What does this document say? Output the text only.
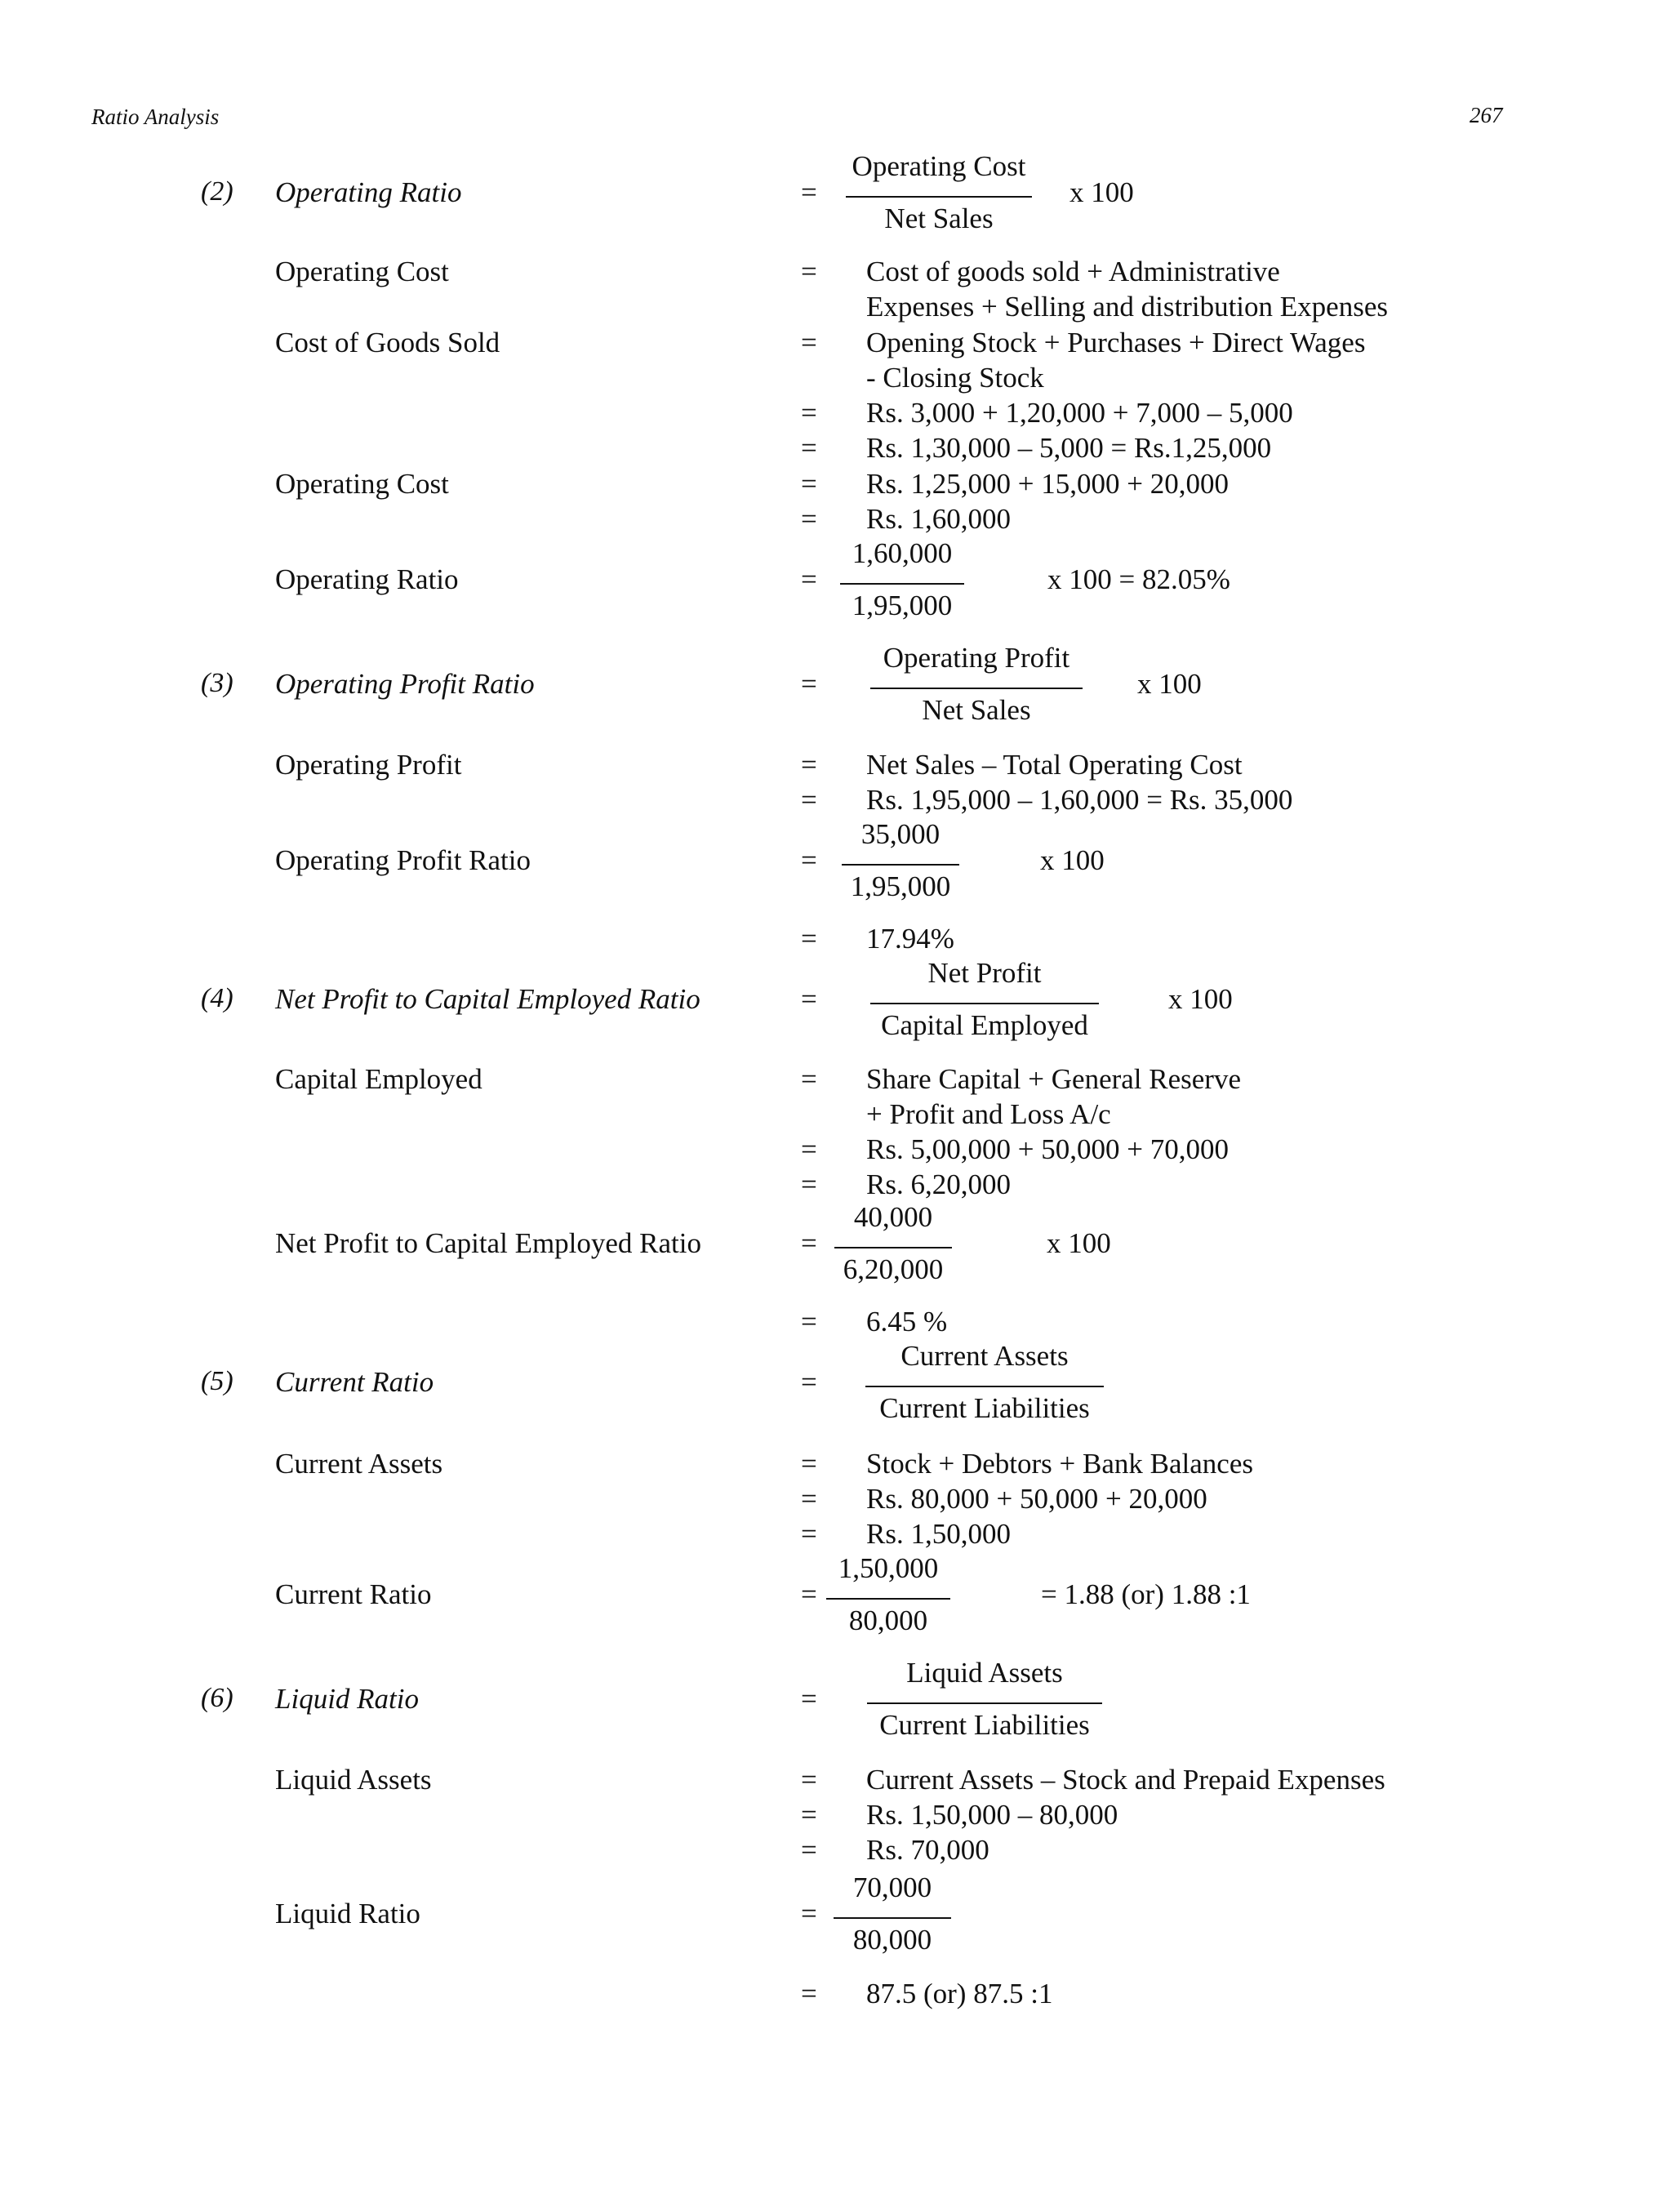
Ratio Analysis	267
(2) Operating Ratio	=
Operating Cost
Net Sales
x 100
Operating Cost	= Cost of goods sold + Administrative
Expenses + Selling and distribution Expenses
Cost of Goods Sold	= Opening Stock + Purchases + Direct Wages
- Closing Stock
= Rs. 3,000 + 1,20,000 + 7,000 – 5,000
= Rs. 1,30,000 – 5,000 = Rs.1,25,000
Operating Cost	= Rs. 1,25,000 + 15,000 + 20,000
= Rs. 1,60,000
Operating Ratio	=
1,60,000
1,95,000
x 100 = 82.05%
(3) Operating Profit Ratio	=
Operating Profit
Net Sales
x 100
Operating Profit	= Net Sales – Total Operating Cost
= Rs. 1,95,000 – 1,60,000 = Rs. 35,000
Operating Profit Ratio	=
35,000
1,95,000
x 100
= 17.94%
(4) Net Profit to Capital Employed Ratio	=
Net Profit
Capital Employed
x 100
Capital Employed	= Share Capital + General Reserve
+ Profit and Loss A/c
= Rs. 5,00,000 + 50,000 + 70,000
= Rs. 6,20,000
Net Profit to Capital Employed Ratio	=
40,000
6,20,000
x 100
= 6.45 %
(5) Current Ratio	=
Current Assets
Current Liabilities
Current Assets	= Stock + Debtors + Bank Balances
= Rs. 80,000 + 50,000 + 20,000
= Rs. 1,50,000
Current Ratio	=
1,50,000
80,000
= 1.88 (or) 1.88 :1
(6) Liquid Ratio	=
Liquid Assets
Current Liabilities
Liquid Assets	= Current Assets – Stock and Prepaid Expenses
= Rs. 1,50,000 – 80,000
= Rs. 70,000
Liquid Ratio	=
70,000
80,000
= 87.5 (or) 87.5 :1
